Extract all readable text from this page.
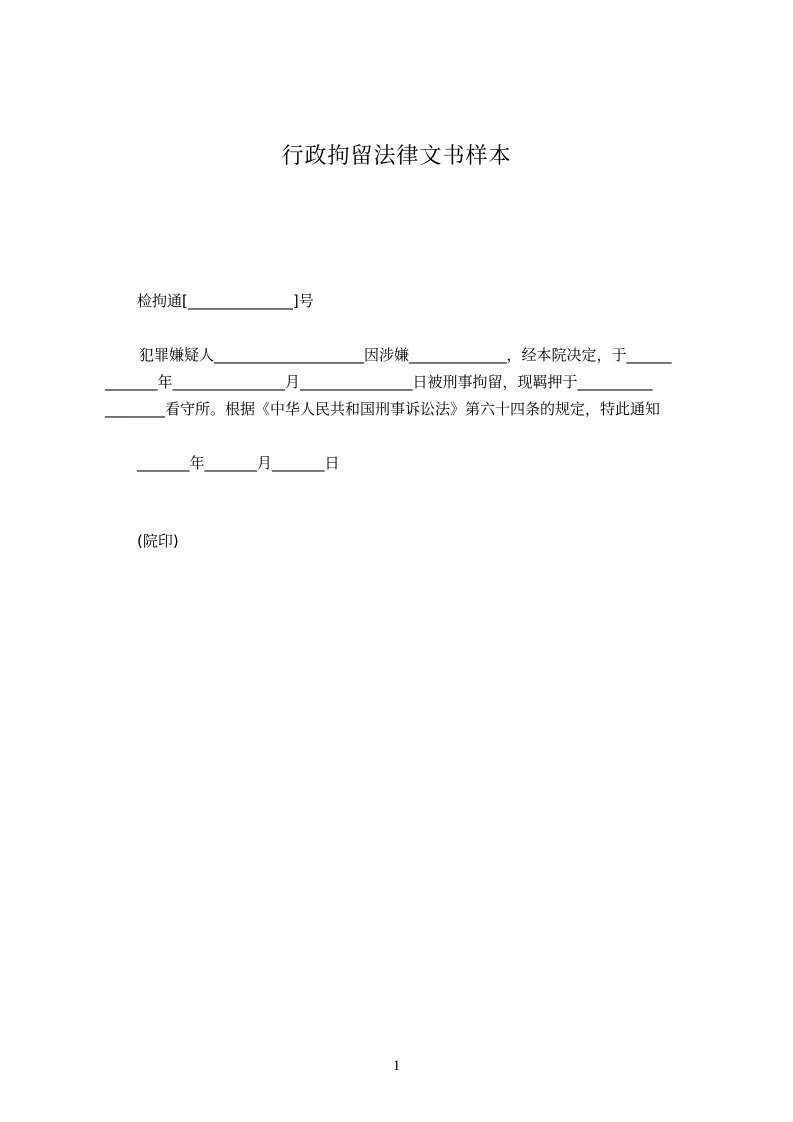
行政拘留法律文书样本
检拘通[______________]号
犯罪嫌疑人____________________因涉嫌_____________，经本院决定，于______
_______年_______________月_______________日被刑事拘留，现羁押于__________
________看守所。根据《中华人民共和国刑事诉讼法》第六十四条的规定，特此通知
_______年_______月_______日
(院印)
1
